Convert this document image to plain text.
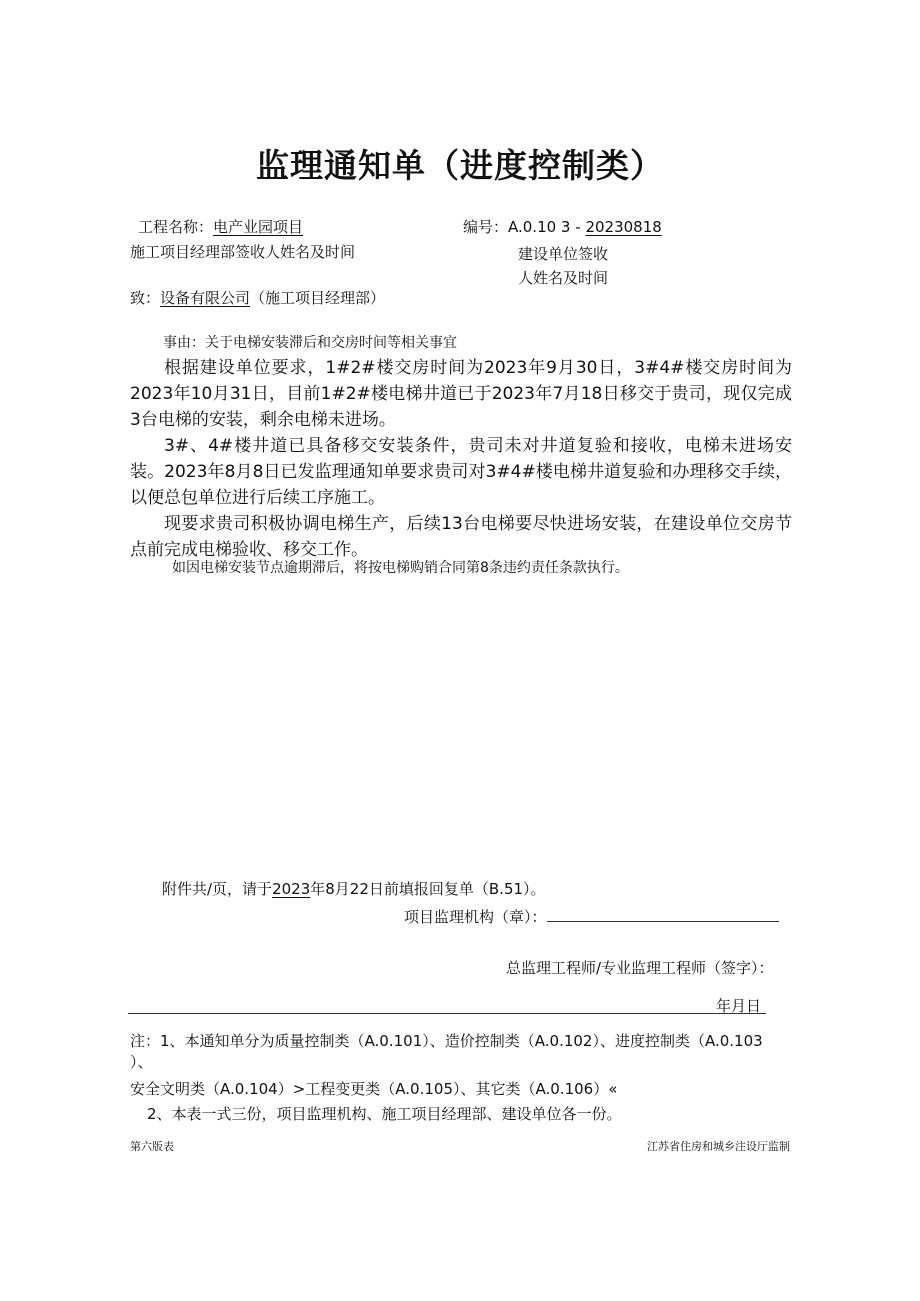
监理通知单（进度控制类）
工程名称：电产业园项目	编号：A.0.10 3 - 20230818
施工项目经理部签收人姓名及时间	建设单位签收
人姓名及时间
致：设备有限公司（施工项目经理部）
事由：关于电梯安装滞后和交房时间等相关事宜

根据建设单位要求，1#2#楼交房时间为2023年9月30日，3#4#楼交房时间为2023年10月31日，目前1#2#楼电梯井道已于2023年7月18日移交于贵司，现仅完成3台电梯的安装，剩余电梯未进场。

3#、4#楼井道已具备移交安装条件，贵司未对井道复验和接收，电梯未进场安装。2023年8月8日已发监理通知单要求贵司对3#4#楼电梯井道复验和办理移交手续，以便总包单位进行后续工序施工。

现要求贵司积极协调电梯生产，后续13台电梯要尽快进场安装，在建设单位交房节点前完成电梯验收、移交工作。

如因电梯安装节点逾期滞后，将按电梯购销合同第8条违约责任条款执行。
附件共/页，请于2023年8月22日前填报回复单（B.51）。
项目监理机构（章）：
总监理工程师/专业监理工程师（签字）：
年月日
注：1、本通知单分为质量控制类（A.0.101）、造价控制类（A.0.102）、进度控制类（A.0.103
）、
安全文明类（A.0.104）>工程变更类（A.0.105）、其它类（A.0.106）«
2、本表一式三份，项目监理机构、施工项目经理部、建设单位各一份。
第六版表	江苏省住房和城乡注设厅监制
